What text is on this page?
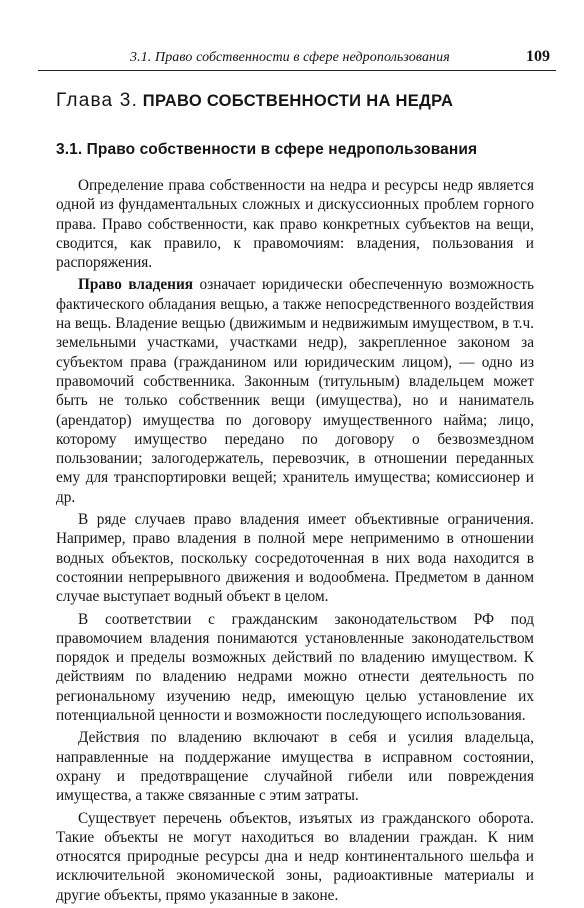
3.1. Право собственности в сфере недропользования	109
Глава 3. ПРАВО СОБСТВЕННОСТИ НА НЕДРА
3.1. Право собственности в сфере недропользования

Определение права собственности на недра и ресурсы недр является одной из фундаментальных сложных и дискуссионных проблем горного права. Право собственности, как право конкретных субъектов на вещи, сводится, как правило, к правомочиям: владения, пользования и распоряжения.

Право владения означает юридически обеспеченную возможность фактического обладания вещью, а также непосредственного воздействия на вещь. Владение вещью (движимым и недвижимым имуществом, в т.ч. земельными участками, участками недр), закрепленное законом за субъектом права (гражданином или юридическим лицом), — одно из правомочий собственника. Законным (титульным) владельцем может быть не только собственник вещи (имущества), но и наниматель (арендатор) имущества по договору имущественного найма; лицо, которому имущество передано по договору о безвозмездном пользовании; залогодержатель, перевозчик, в отношении переданных ему для транспортировки вещей; хранитель имущества; комиссионер и др.

В ряде случаев право владения имеет объективные ограничения. Например, право владения в полной мере неприменимо в отношении водных объектов, поскольку сосредоточенная в них вода находится в состоянии непрерывного движения и водообмена. Предметом в данном случае выступает водный объект в целом.

В соответствии с гражданским законодательством РФ под правомочием владения понимаются установленные законодательством порядок и пределы возможных действий по владению имуществом. К действиям по владению недрами можно отнести деятельность по региональному изучению недр, имеющую целью установление их потенциальной ценности и возможности последующего использования.

Действия по владению включают в себя и усилия владельца, направленные на поддержание имущества в исправном состоянии, охрану и предотвращение случайной гибели или повреждения имущества, а также связанные с этим затраты.

Существует перечень объектов, изъятых из гражданского оборота. Такие объекты не могут находиться во владении граждан. К ним относятся природные ресурсы дна и недр континентального шельфа и исключительной экономической зоны, радиоактивные материалы и другие объекты, прямо указанные в законе.
